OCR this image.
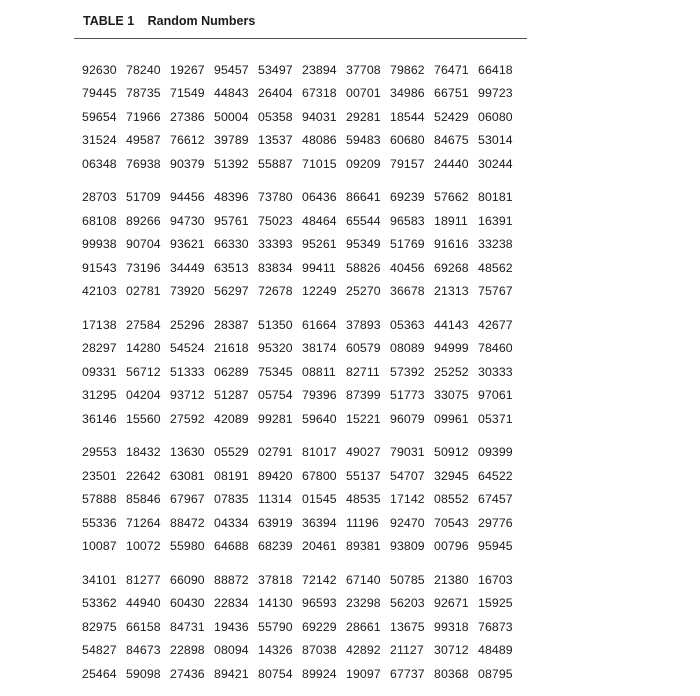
TABLE 1 Random Numbers
92630 78240 19267 95457 53497 23894 37708 79862 76471 66418
79445 78735 71549 44843 26404 67318 00701 34986 66751 99723
59654 71966 27386 50004 05358 94031 29281 18544 52429 06080
31524 49587 76612 39789 13537 48086 59483 60680 84675 53014
06348 76938 90379 51392 55887 71015 09209 79157 24440 30244
28703 51709 94456 48396 73780 06436 86641 69239 57662 80181
68108 89266 94730 95761 75023 48464 65544 96583 18911 16391
99938 90704 93621 66330 33393 95261 95349 51769 91616 33238
91543 73196 34449 63513 83834 99411 58826 40456 69268 48562
42103 02781 73920 56297 72678 12249 25270 36678 21313 75767
17138 27584 25296 28387 51350 61664 37893 05363 44143 42677
28297 14280 54524 21618 95320 38174 60579 08089 94999 78460
09331 56712 51333 06289 75345 08811 82711 57392 25252 30333
31295 04204 93712 51287 05754 79396 87399 51773 33075 97061
36146 15560 27592 42089 99281 59640 15221 96079 09961 05371
29553 18432 13630 05529 02791 81017 49027 79031 50912 09399
23501 22642 63081 08191 89420 67800 55137 54707 32945 64522
57888 85846 67967 07835 11314 01545 48535 17142 08552 67457
55336 71264 88472 04334 63919 36394 11196 92470 70543 29776
10087 10072 55980 64688 68239 20461 89381 93809 00796 95945
34101 81277 66090 88872 37818 72142 67140 50785 21380 16703
53362 44940 60430 22834 14130 96593 23298 56203 92671 15925
82975 66158 84731 19436 55790 69229 28661 13675 99318 76873
54827 84673 22898 08094 14326 87038 42892 21127 30712 48489
25464 59098 27436 89421 80754 89924 19097 67737 80368 08795
